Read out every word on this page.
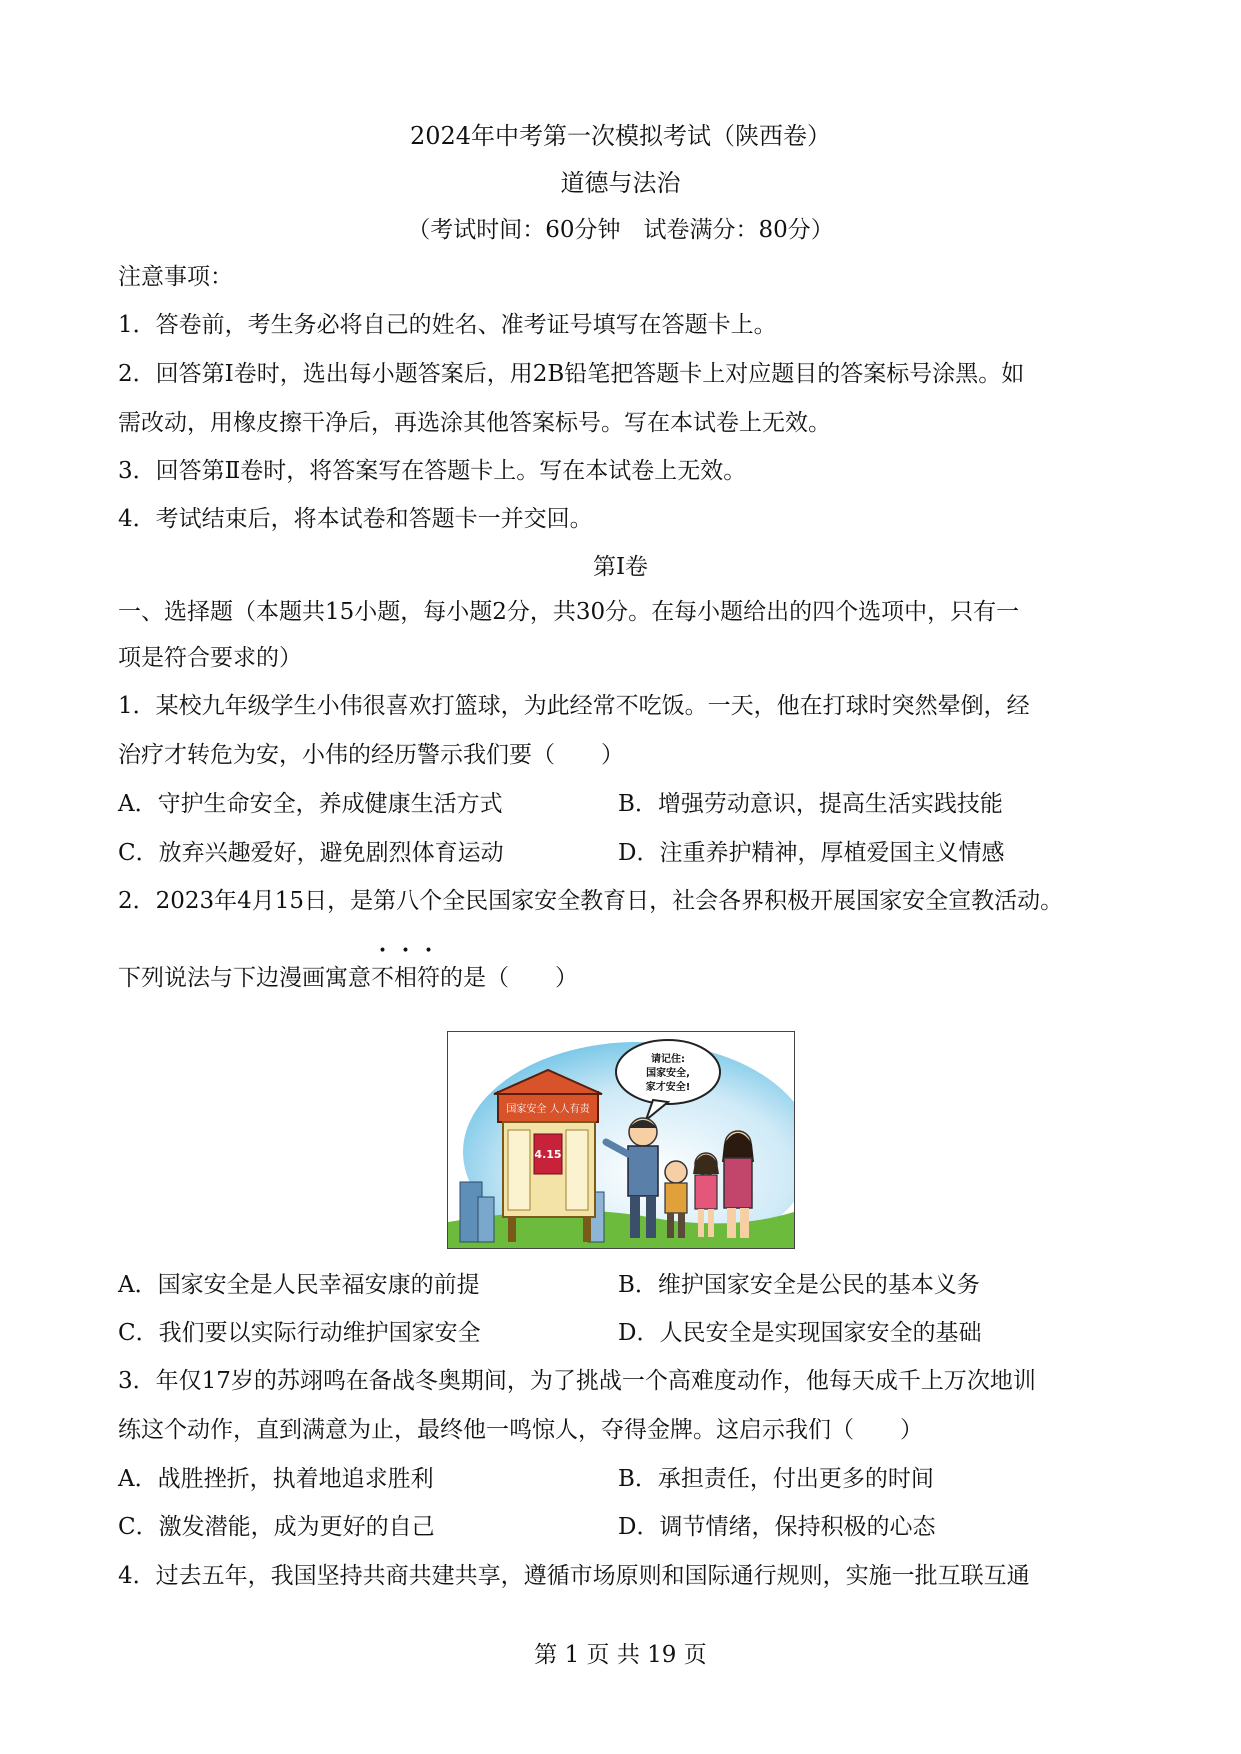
2024年中考第一次模拟考试（陕西卷）
道德与法治
（考试时间：60分钟　试卷满分：80分）
注意事项：
1．答卷前，考生务必将自己的姓名、准考证号填写在答题卡上。
2．回答第Ⅰ卷时，选出每小题答案后，用2B铅笔把答题卡上对应题目的答案标号涂黑。如
需改动，用橡皮擦干净后，再选涂其他答案标号。写在本试卷上无效。
3．回答第Ⅱ卷时，将答案写在答题卡上。写在本试卷上无效。
4．考试结束后，将本试卷和答题卡一并交回。
第Ⅰ卷
一、选择题（本题共15小题，每小题2分，共30分。在每小题给出的四个选项中，只有一
项是符合要求的）
1．某校九年级学生小伟很喜欢打篮球，为此经常不吃饭。一天，他在打球时突然晕倒，经
治疗才转危为安，小伟的经历警示我们要（　　）
A．守护生命安全，养成健康生活方式	B．增强劳动意识，提高生活实践技能
C．放弃兴趣爱好，避免剧烈体育运动	D．注重养护精神，厚植爱国主义情感
2．2023年4月15日，是第八个全民国家安全教育日，社会各界积极开展国家安全宣教活动。
下列说法与下边漫画寓意不相符的是（　　）
国家安全 人人有责
4.15
请记住:
国家安全,
家才安全!
A．国家安全是人民幸福安康的前提	B．维护国家安全是公民的基本义务
C．我们要以实际行动维护国家安全	D．人民安全是实现国家安全的基础
3．年仅17岁的苏翊鸣在备战冬奥期间，为了挑战一个高难度动作，他每天成千上万次地训
练这个动作，直到满意为止，最终他一鸣惊人，夺得金牌。这启示我们（　　）
A．战胜挫折，执着地追求胜利	B．承担责任，付出更多的时间
C．激发潜能，成为更好的自己	D．调节情绪，保持积极的心态
4．过去五年，我国坚持共商共建共享，遵循市场原则和国际通行规则，实施一批互联互通
第 1 页 共 19 页
